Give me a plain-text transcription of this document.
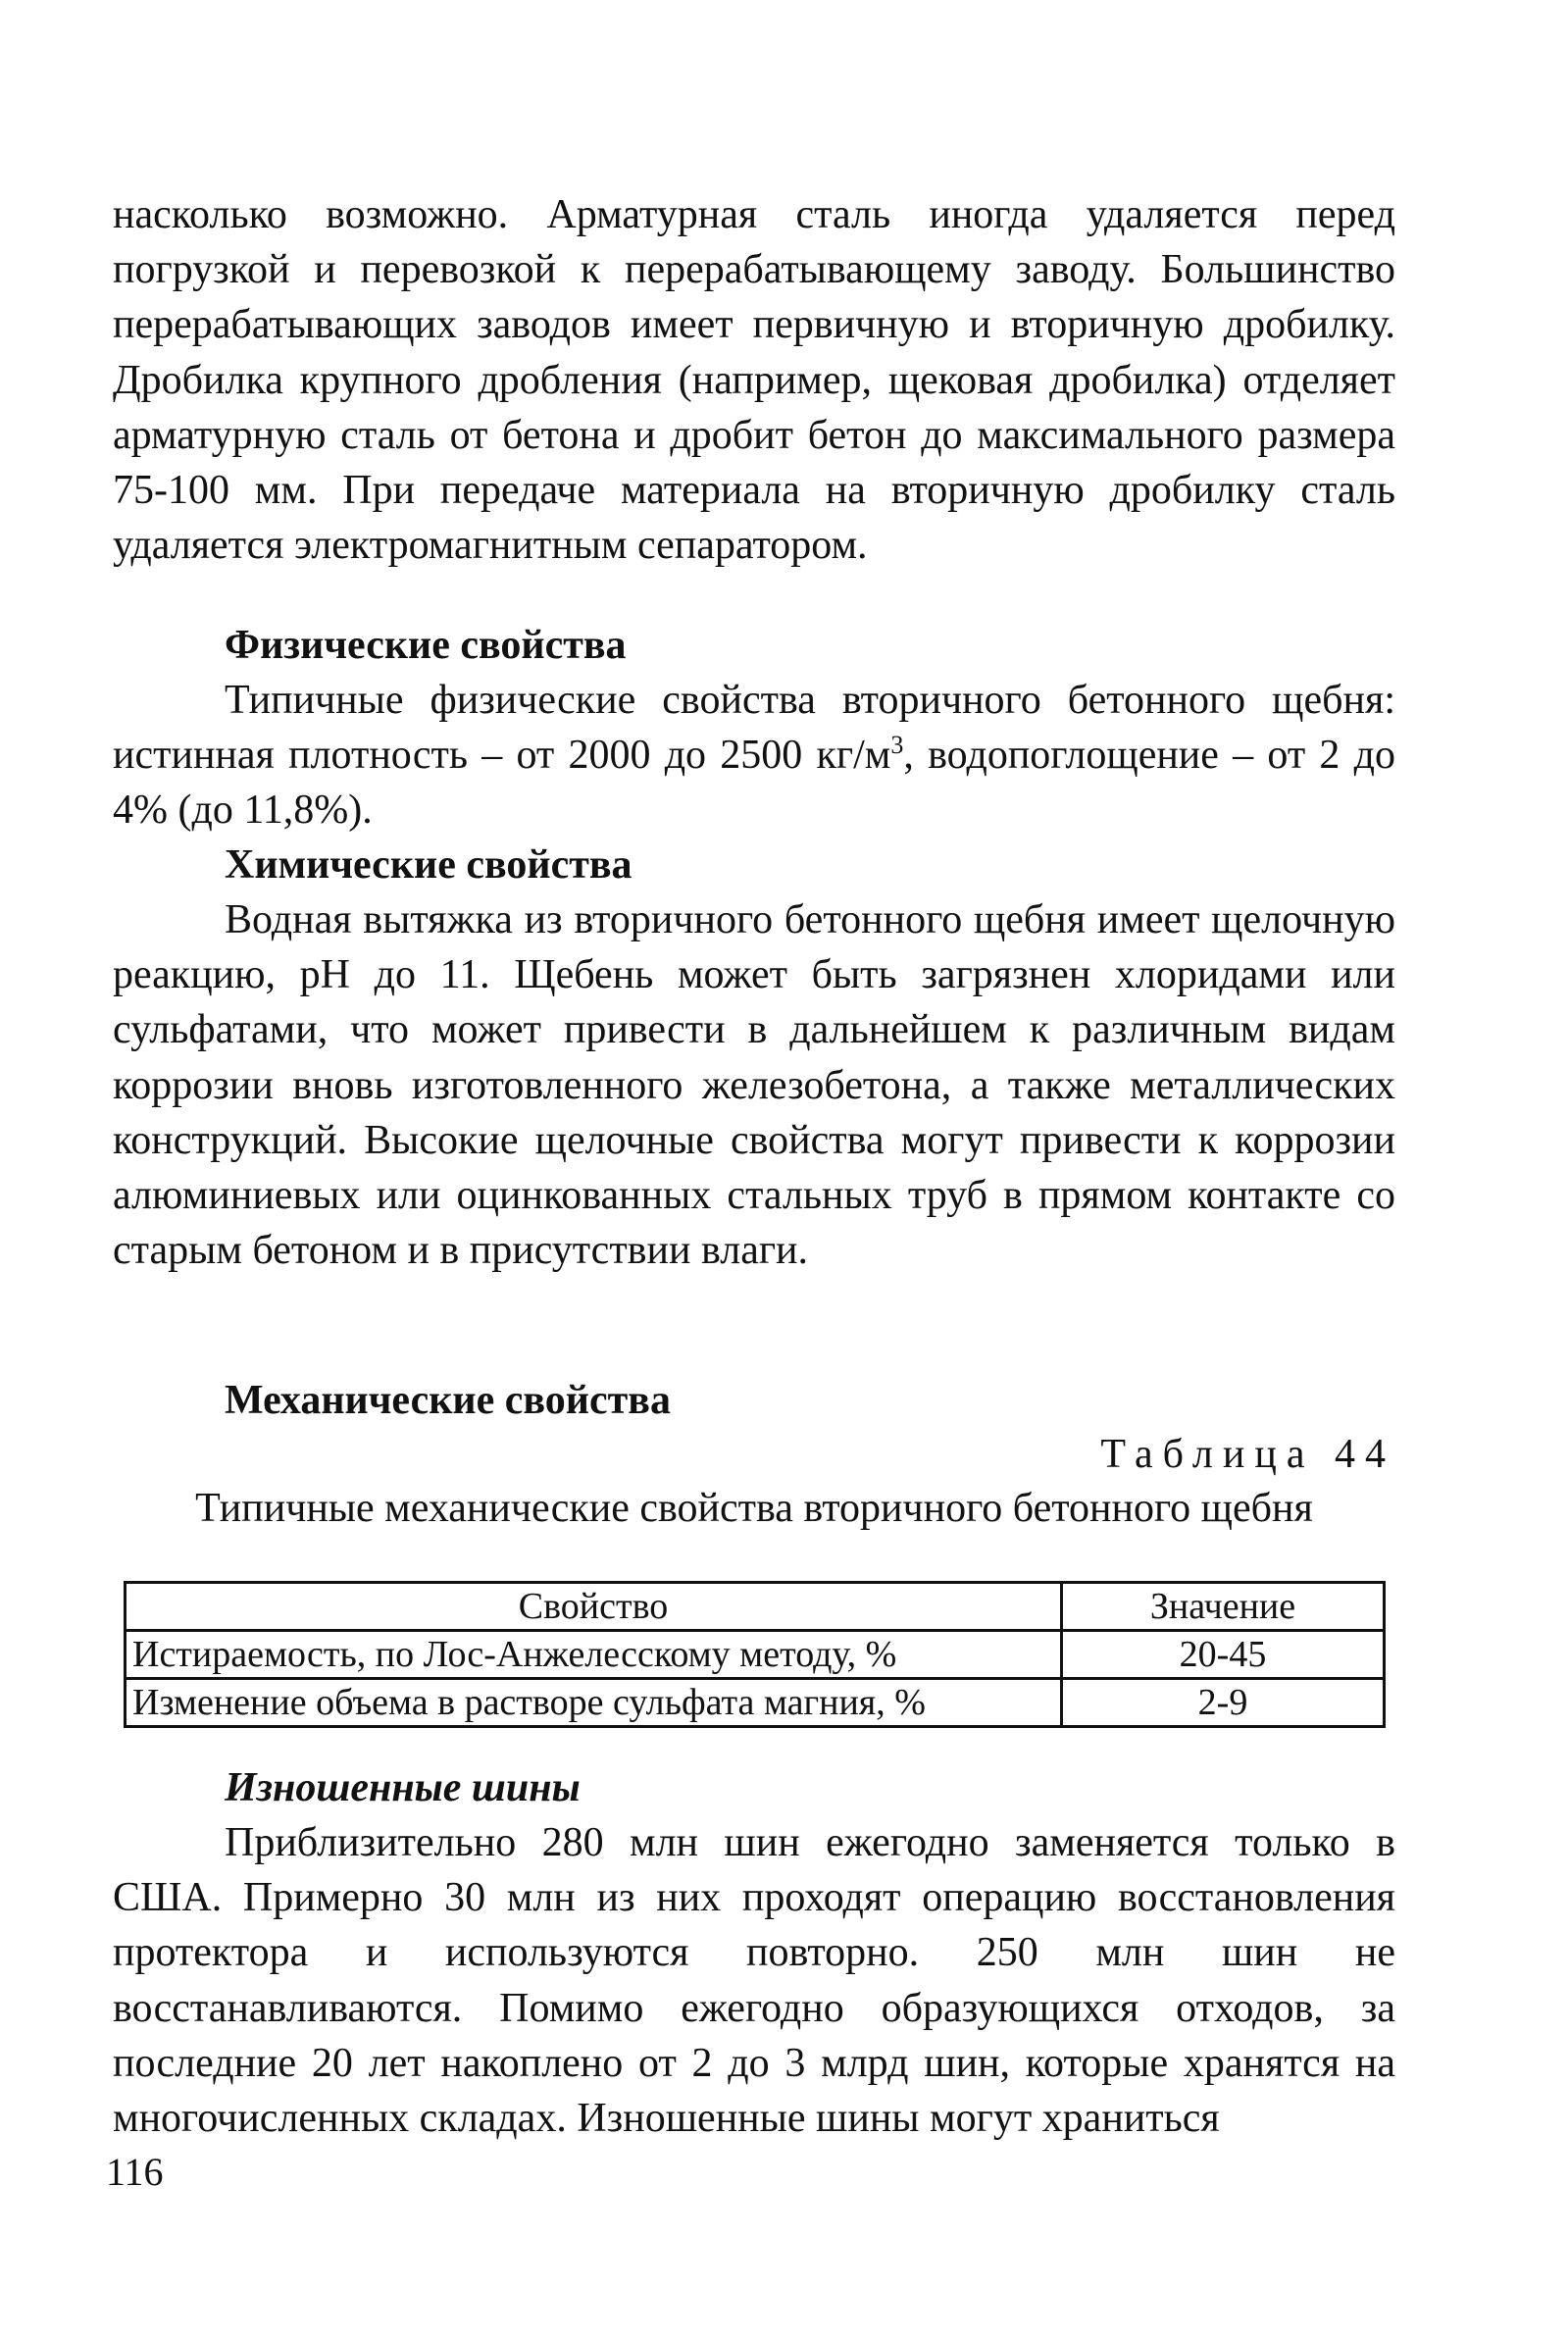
насколько возможно. Арматурная сталь иногда удаляется перед погрузкой и перевозкой к перерабатывающему заводу. Большинство перерабатывающих заводов имеет первичную и вторичную дробилку. Дробилка крупного дробления (например, щековая дробилка) отделяет арматурную сталь от бетона и дробит бетон до максимального размера 75-100 мм. При передаче материала на вторичную дробилку сталь удаляется электромагнитным сепаратором.

Физические свойства

Типичные физические свойства вторичного бетонного щебня: истинная плотность – от 2000 до 2500 $кг/м^3$, водопоглощение – от 2 до 4% (до 11,8%).

Химические свойства

Водная вытяжка из вторичного бетонного щебня имеет щелочную реакцию, pH до 11. Щебень может быть загрязнен хлоридами или сульфатами, что может привести в дальнейшем к различным видам коррозии вновь изготовленного железобетона, а также металлических конструкций. Высокие щелочные свойства могут привести к коррозии алюминиевых или оцинкованных стальных труб в прямом контакте со старым бетоном и в присутствии влаги.

Механические свойства

Таблица 44

Типичные механические свойства вторичного бетонного щебня

Свойство	Значение
Истираемость, по Лос-Анжелесскому методу, %	20-45
Изменение объема в растворе сульфата магния, %	2-9
Изношенные шины

Приблизительно 280 млн шин ежегодно заменяется только в США. Примерно 30 млн из них проходят операцию восстановления протектора и используются повторно. 250 млн шин не восстанавливаются. Помимо ежегодно образующихся отходов, за последние 20 лет накоплено от 2 до 3 млрд шин, которые хранятся на многочисленных складах. Изношенные шины могут храниться

116
